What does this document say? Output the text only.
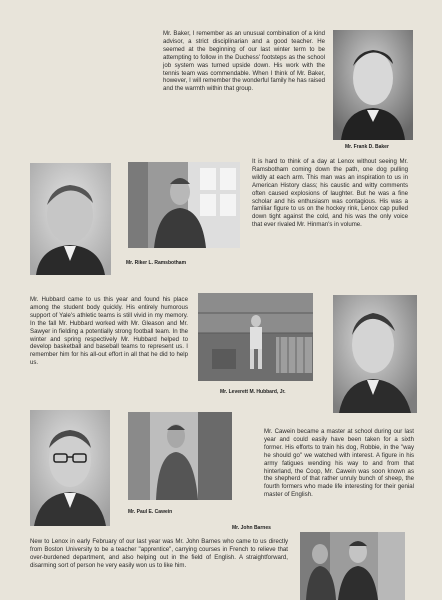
Mr. Baker, I remember as an unusual combination of a kind advisor, a strict disciplinarian and a good teacher. He seemed at the beginning of our last winter term to be attempting to follow in the Duchess' footsteps as the school job system was turned upside down. His work with the tennis team was commendable. When I think of Mr. Baker, however, I will remember the wonderful family he has raised and the warmth within that group.

Mr. Frank D. Baker
Mr. Riker L. Ramsbotham

It is hard to think of a day at Lenox without seeing Mr. Ramsbotham coming down the path, one dog pulling wildly at each arm. This man was an inspiration to us in American History class; his caustic and witty comments often caused explosions of laughter. But he was a fine scholar and his enthusiasm was contagious. His was a familiar figure to us on the hockey rink, Lenox cap pulled down tight against the cold, and his was the only voice that ever rivaled Mr. Hinman's in volume.

Mr. Hubbard came to us this year and found his place among the student body quickly. His entirely humorous support of Yale's athletic teams is still vivid in my memory. In the fall Mr. Hubbard worked with Mr. Gleason and Mr. Sawyer in fielding a potentially strong football team. In the winter and spring respectively Mr. Hubbard helped to develop basketball and baseball teams to represent us. I remember him for his all-out effort in all that he did to help us.

Mr. Leverett M. Hubbard, Jr.
Mr. Paul E. Cawein
Mr. John Barnes

Mr. Cawein became a master at school during our last year and could easily have been taken for a sixth former. His efforts to train his dog, Robbie, in the "way he should go" we watched with interest. A figure in his army fatigues wending his way to and from that hinterland, the Coop, Mr. Cawein was soon known as the shepherd of that rather unruly bunch of sheep, the fourth formers who made life interesting for their genial master of English.

New to Lenox in early February of our last year was Mr. John Barnes who came to us directly from Boston University to be a teacher "apprentice", carrying courses in French to relieve that over-burdened department, and also helping out in the field of English. A straightforward, disarming sort of person he very easily won us to like him.
